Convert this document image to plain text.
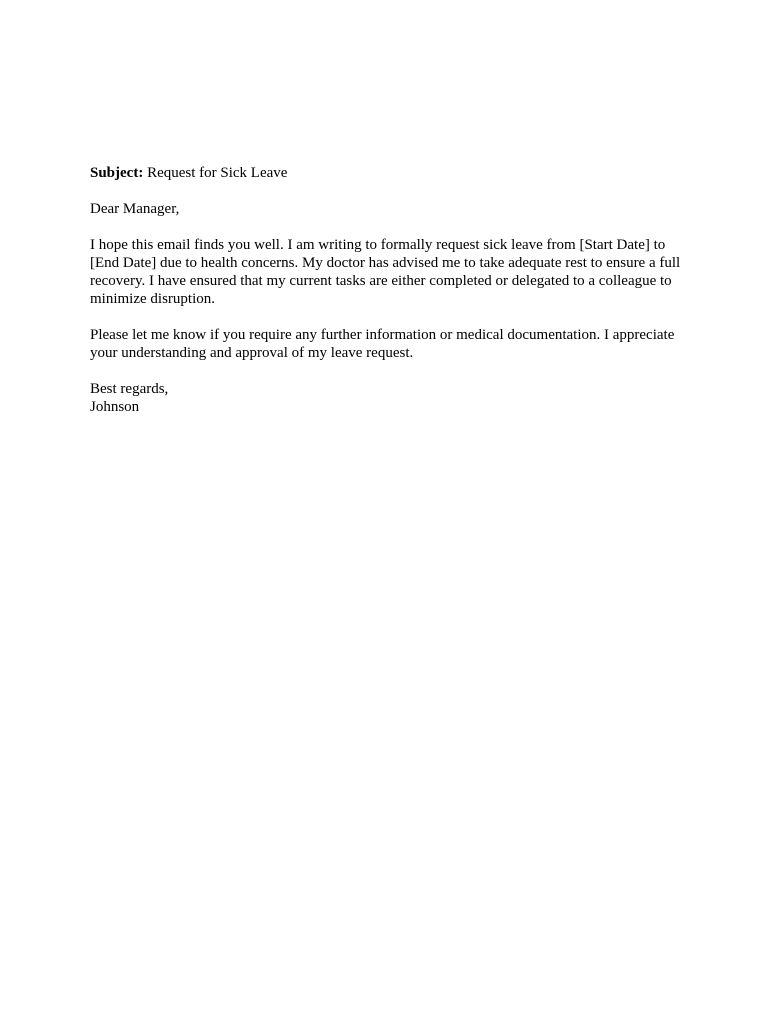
Subject: Request for Sick Leave

Dear Manager,

I hope this email finds you well. I am writing to formally request sick leave from [Start Date] to [End Date] due to health concerns. My doctor has advised me to take adequate rest to ensure a full recovery. I have ensured that my current tasks are either completed or delegated to a colleague to minimize disruption.

Please let me know if you require any further information or medical documentation. I appreciate your understanding and approval of my leave request.

Best regards,
Johnson
